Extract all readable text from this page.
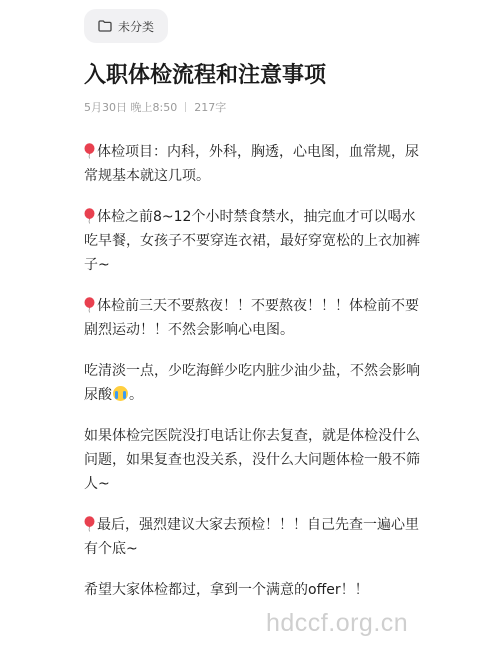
未分类
入职体检流程和注意事项
5月30日 晚上8:50 217字

体检项目：内科，外科，胸透，心电图，血常规，尿常规基本就这几项。

体检之前8~12个小时禁食禁水，抽完血才可以喝水吃早餐，女孩子不要穿连衣裙，最好穿宽松的上衣加裤子~

体检前三天不要熬夜！！不要熬夜！！！体检前不要剧烈运动！！不然会影响心电图。

吃清淡一点，少吃海鲜少吃内脏少油少盐，不然会影响尿酸 。

如果体检完医院没打电话让你去复查，就是体检没什么问题，如果复查也没关系，没什么大问题体检一般不筛人~

最后，强烈建议大家去预检！！！自己先查一遍心里有个底~

希望大家体检都过，拿到一个满意的offer！！

hdccf.org.cn
